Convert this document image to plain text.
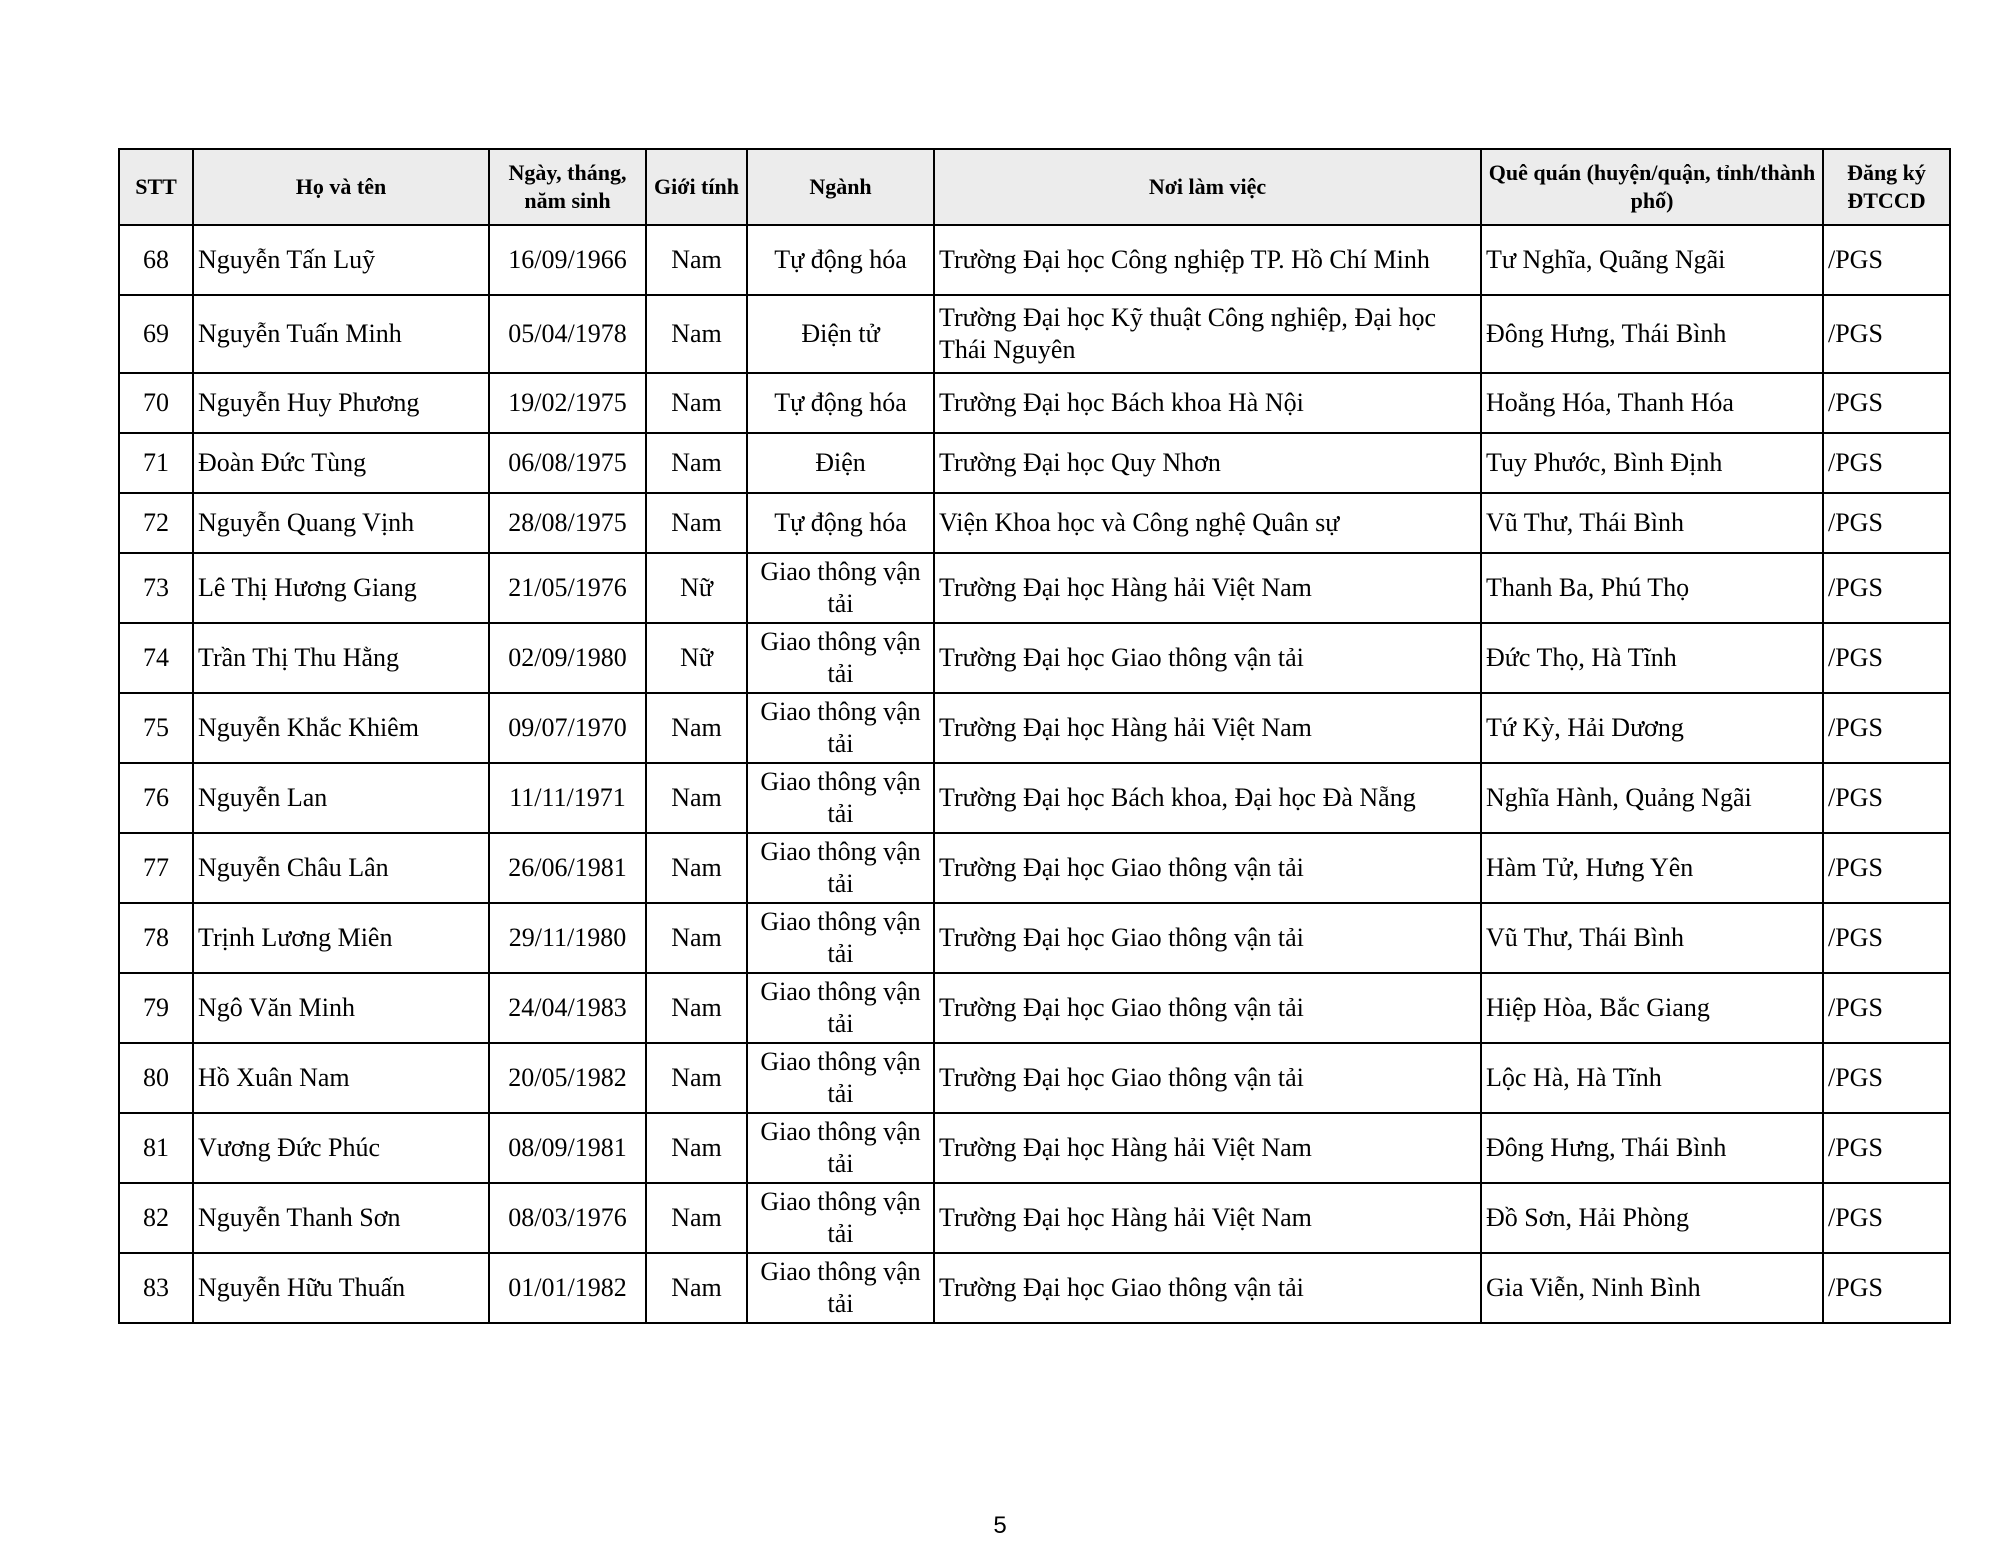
STT	Họ và tên	Ngày, tháng, năm sinh	Giới tính	Ngành	Nơi làm việc	Quê quán (huyện/quận, tỉnh/thành phố)	Đăng ký ĐTCCD
68	Nguyễn Tấn Luỹ	16/09/1966	Nam	Tự động hóa	Trường Đại học Công nghiệp TP. Hồ Chí Minh	Tư Nghĩa, Quãng Ngãi	/PGS
69	Nguyễn Tuấn Minh	05/04/1978	Nam	Điện tử	Trường Đại học Kỹ thuật Công nghiệp, Đại học Thái Nguyên	Đông Hưng, Thái Bình	/PGS
70	Nguyễn Huy Phương	19/02/1975	Nam	Tự động hóa	Trường Đại học Bách khoa Hà Nội	Hoằng Hóa, Thanh Hóa	/PGS
71	Đoàn Đức Tùng	06/08/1975	Nam	Điện	Trường Đại học Quy Nhơn	Tuy Phước, Bình Định	/PGS
72	Nguyễn Quang Vịnh	28/08/1975	Nam	Tự động hóa	Viện Khoa học và Công nghệ Quân sự	Vũ Thư, Thái Bình	/PGS
73	Lê Thị Hương Giang	21/05/1976	Nữ	Giao thông vận tải	Trường Đại học Hàng hải Việt Nam	Thanh Ba, Phú Thọ	/PGS
74	Trần Thị Thu Hằng	02/09/1980	Nữ	Giao thông vận tải	Trường Đại học Giao thông vận tải	Đức Thọ, Hà Tĩnh	/PGS
75	Nguyễn Khắc Khiêm	09/07/1970	Nam	Giao thông vận tải	Trường Đại học Hàng hải Việt Nam	Tứ Kỳ, Hải Dương	/PGS
76	Nguyễn Lan	11/11/1971	Nam	Giao thông vận tải	Trường Đại học Bách khoa, Đại học Đà Nẵng	Nghĩa Hành, Quảng Ngãi	/PGS
77	Nguyễn Châu Lân	26/06/1981	Nam	Giao thông vận tải	Trường Đại học Giao thông vận tải	Hàm Tử, Hưng Yên	/PGS
78	Trịnh Lương Miên	29/11/1980	Nam	Giao thông vận tải	Trường Đại học Giao thông vận tải	Vũ Thư, Thái Bình	/PGS
79	Ngô Văn Minh	24/04/1983	Nam	Giao thông vận tải	Trường Đại học Giao thông vận tải	Hiệp Hòa, Bắc Giang	/PGS
80	Hồ Xuân Nam	20/05/1982	Nam	Giao thông vận tải	Trường Đại học Giao thông vận tải	Lộc Hà, Hà Tĩnh	/PGS
81	Vương Đức Phúc	08/09/1981	Nam	Giao thông vận tải	Trường Đại học Hàng hải Việt Nam	Đông Hưng, Thái Bình	/PGS
82	Nguyễn Thanh Sơn	08/03/1976	Nam	Giao thông vận tải	Trường Đại học Hàng hải Việt Nam	Đồ Sơn, Hải Phòng	/PGS
83	Nguyễn Hữu Thuấn	01/01/1982	Nam	Giao thông vận tải	Trường Đại học Giao thông vận tải	Gia Viễn, Ninh Bình	/PGS
5
